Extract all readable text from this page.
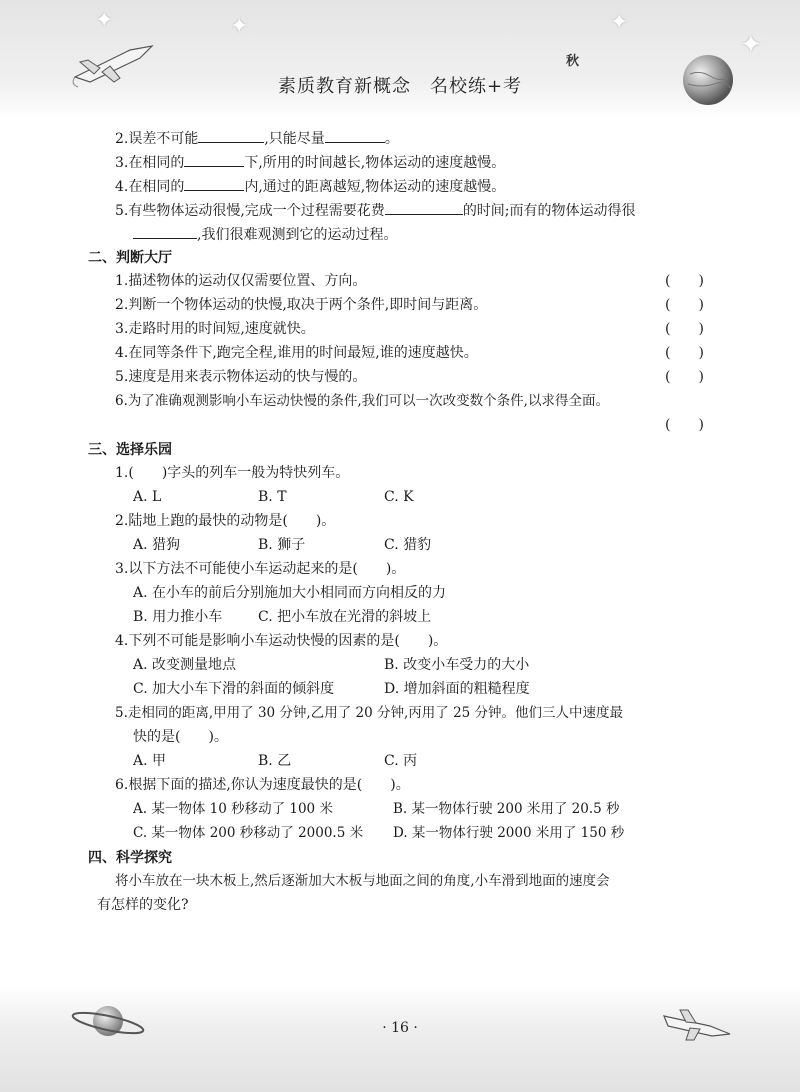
✦	✦	✦
✦
秋
素质教育新概念　名校练+考
2.误差不可能	,只能尽量	。
3.在相同的	下,所用的时间越长,物体运动的速度越慢。
4.在相同的	内,通过的距离越短,物体运动的速度越慢。
5.有些物体运动很慢,完成一个过程需要花费	的时间;而有的物体运动得很
,我们很难观测到它的运动过程。
二、判断大厅
1.描述物体的运动仅仅需要位置、方向。	(　　)
2.判断一个物体运动的快慢,取决于两个条件,即时间与距离。	(　　)
3.走路时用的时间短,速度就快。	(　　)
4.在同等条件下,跑完全程,谁用的时间最短,谁的速度越快。	(　　)
5.速度是用来表示物体运动的快与慢的。	(　　)
6.为了准确观测影响小车运动快慢的条件,我们可以一次改变数个条件,以求得全面。
(　　)
三、选择乐园
1.(　　)字头的列车一般为特快列车。
A. L	B. T	C. K
2.陆地上跑的最快的动物是(　　)。
A. 猎狗	B. 狮子	C. 猎豹
3.以下方法不可能使小车运动起来的是(　　)。
A. 在小车的前后分别施加大小相同而方向相反的力
B. 用力推小车	C. 把小车放在光滑的斜坡上
4.下列不可能是影响小车运动快慢的因素的是(　　)。
A. 改变测量地点	B. 改变小车受力的大小
C. 加大小车下滑的斜面的倾斜度	D. 增加斜面的粗糙程度
5.走相同的距离,甲用了 30 分钟,乙用了 20 分钟,丙用了 25 分钟。他们三人中速度最
快的是(　　)。
A. 甲	B. 乙	C. 丙
6.根据下面的描述,你认为速度最快的是(　　)。
A. 某一物体 10 秒移动了 100 米	B. 某一物体行驶 200 米用了 20.5 秒
C. 某一物体 200 秒移动了 2000.5 米 D. 某一物体行驶 2000 米用了 150 秒
四、科学探究
将小车放在一块木板上,然后逐渐加大木板与地面之间的角度,小车滑到地面的速度会
有怎样的变化?
· 16 ·
